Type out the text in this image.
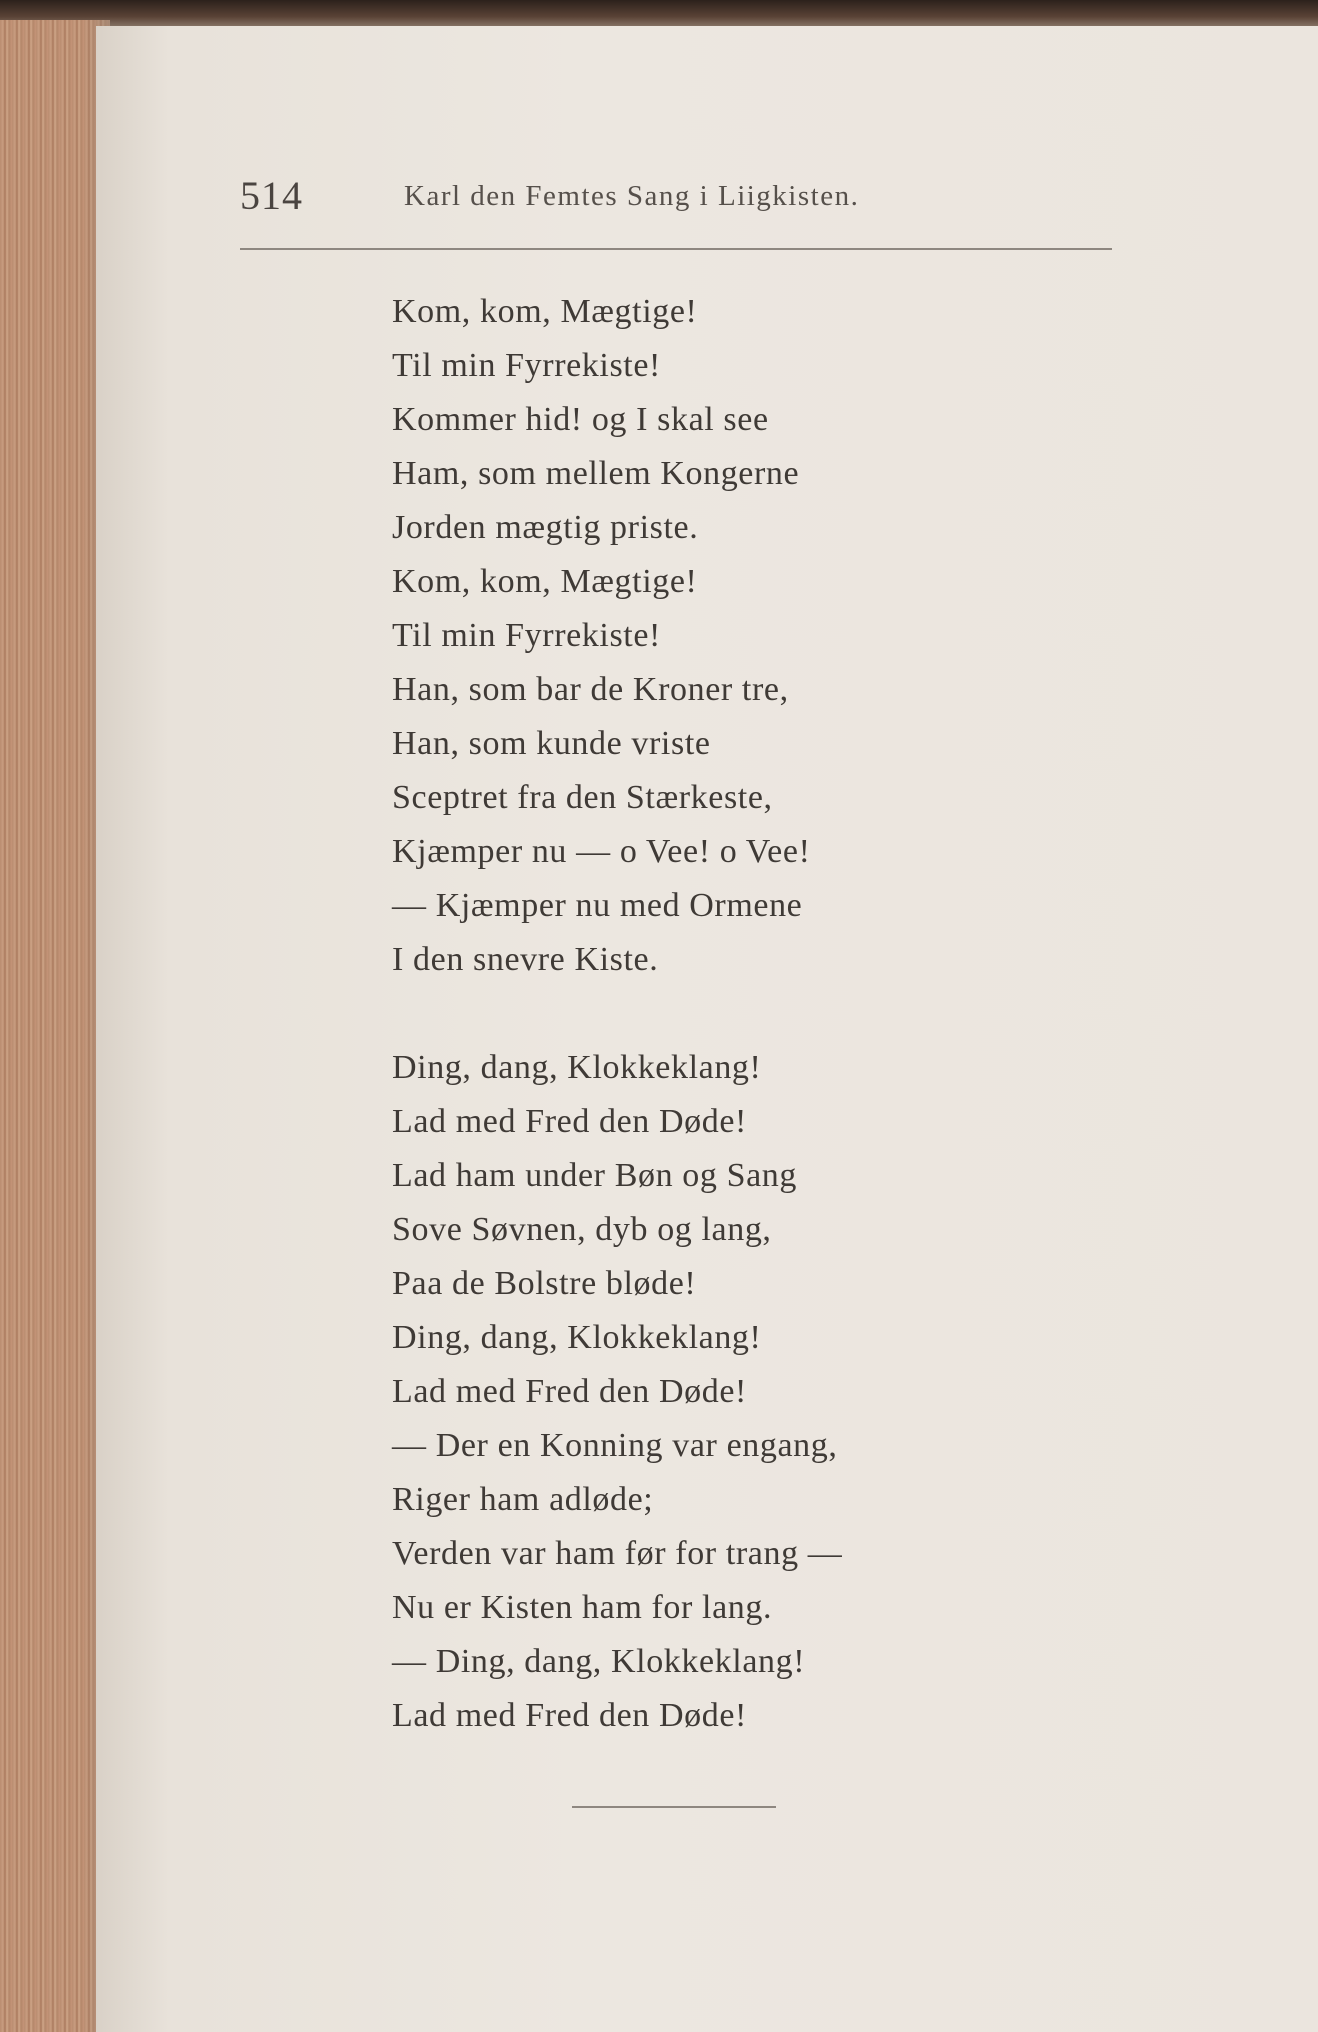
514	Karl den Femtes Sang i Liigkisten.
Kom, kom, Mægtige!
Til min Fyrrekiste!
Kommer hid! og I skal see
Ham, som mellem Kongerne
Jorden mægtig priste.
Kom, kom, Mægtige!
Til min Fyrrekiste!
Han, som bar de Kroner tre,
Han, som kunde vriste
Sceptret fra den Stærkeste,
Kjæmper nu — o Vee! o Vee!
— Kjæmper nu med Ormene
I den snevre Kiste.
Ding, dang, Klokkeklang!
Lad med Fred den Døde!
Lad ham under Bøn og Sang
Sove Søvnen, dyb og lang,
Paa de Bolstre bløde!
Ding, dang, Klokkeklang!
Lad med Fred den Døde!
— Der en Konning var engang,
Riger ham adløde;
Verden var ham før for trang —
Nu er Kisten ham for lang.
— Ding, dang, Klokkeklang!
Lad med Fred den Døde!
